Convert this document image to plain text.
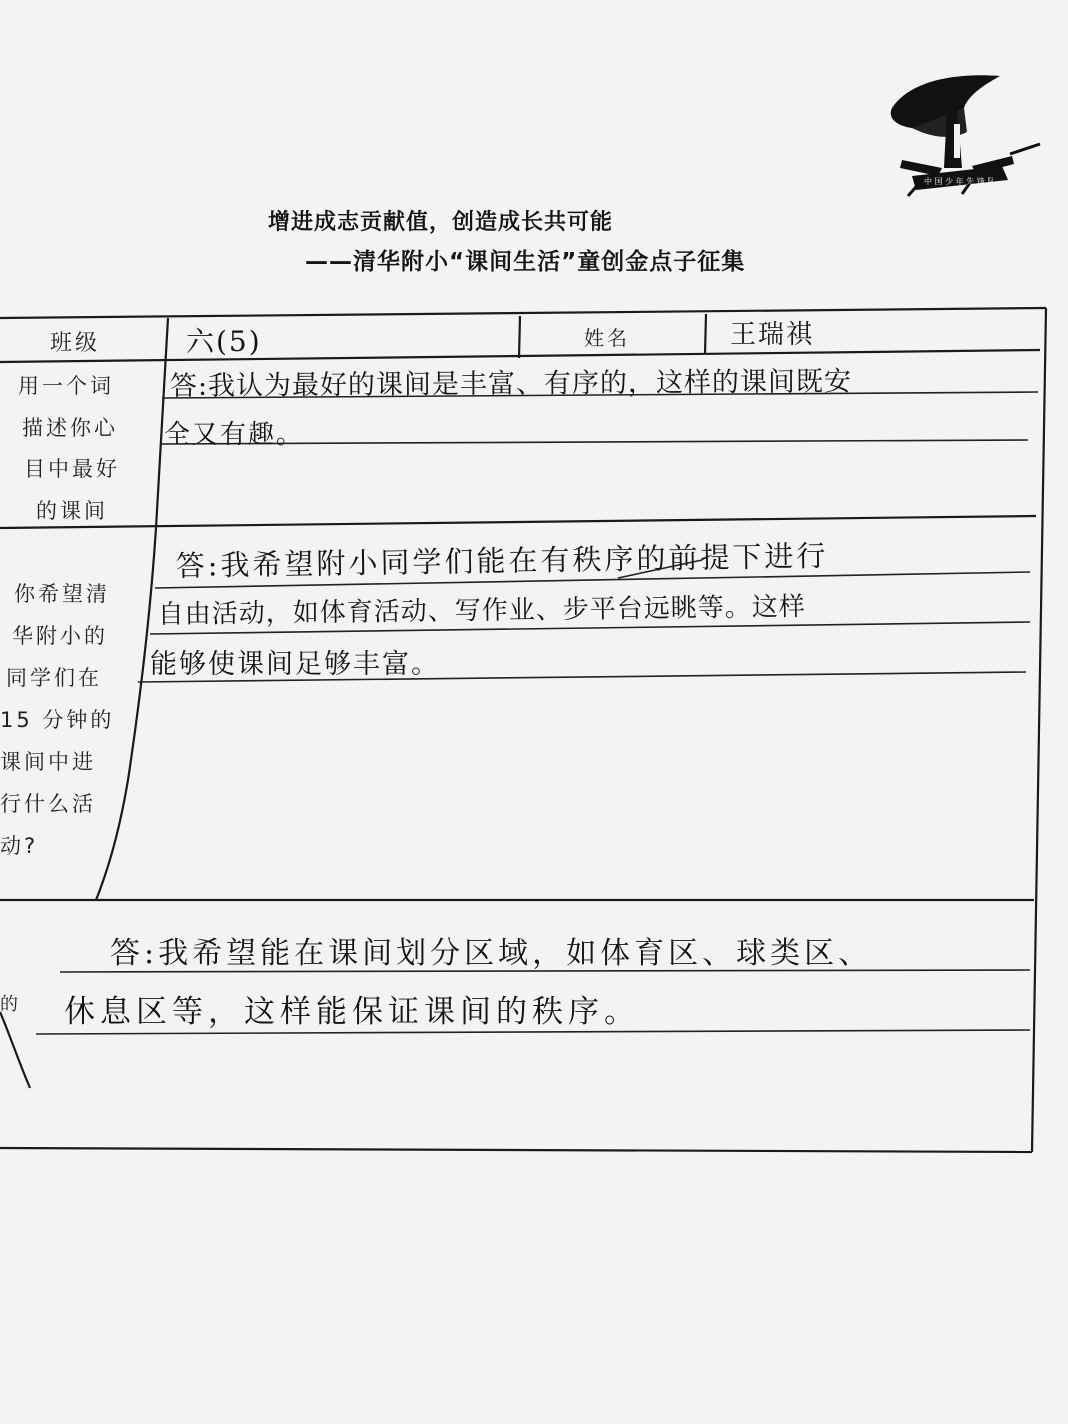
中 国 少 年 先 锋 队
增进成志贡献值，创造成长共可能
——清华附小“课间生活”童创金点子征集
班级	六(5)	姓名	王瑞祺
用一个词
描述你心
目中最好
的课间
答:我认为最好的课间是丰富、有序的，这样的课间既安
全又有趣。
你希望清
华附小的
同学们在
15 分钟的
课间中进
行什么活
动?
答:我希望附小同学们能在有秩序的前提下进行
自由活动，如体育活动、写作业、步平台远眺等。这样
能够使课间足够丰富。
的
答:我希望能在课间划分区域，如体育区、球类区、
休息区等，这样能保证课间的秩序。
